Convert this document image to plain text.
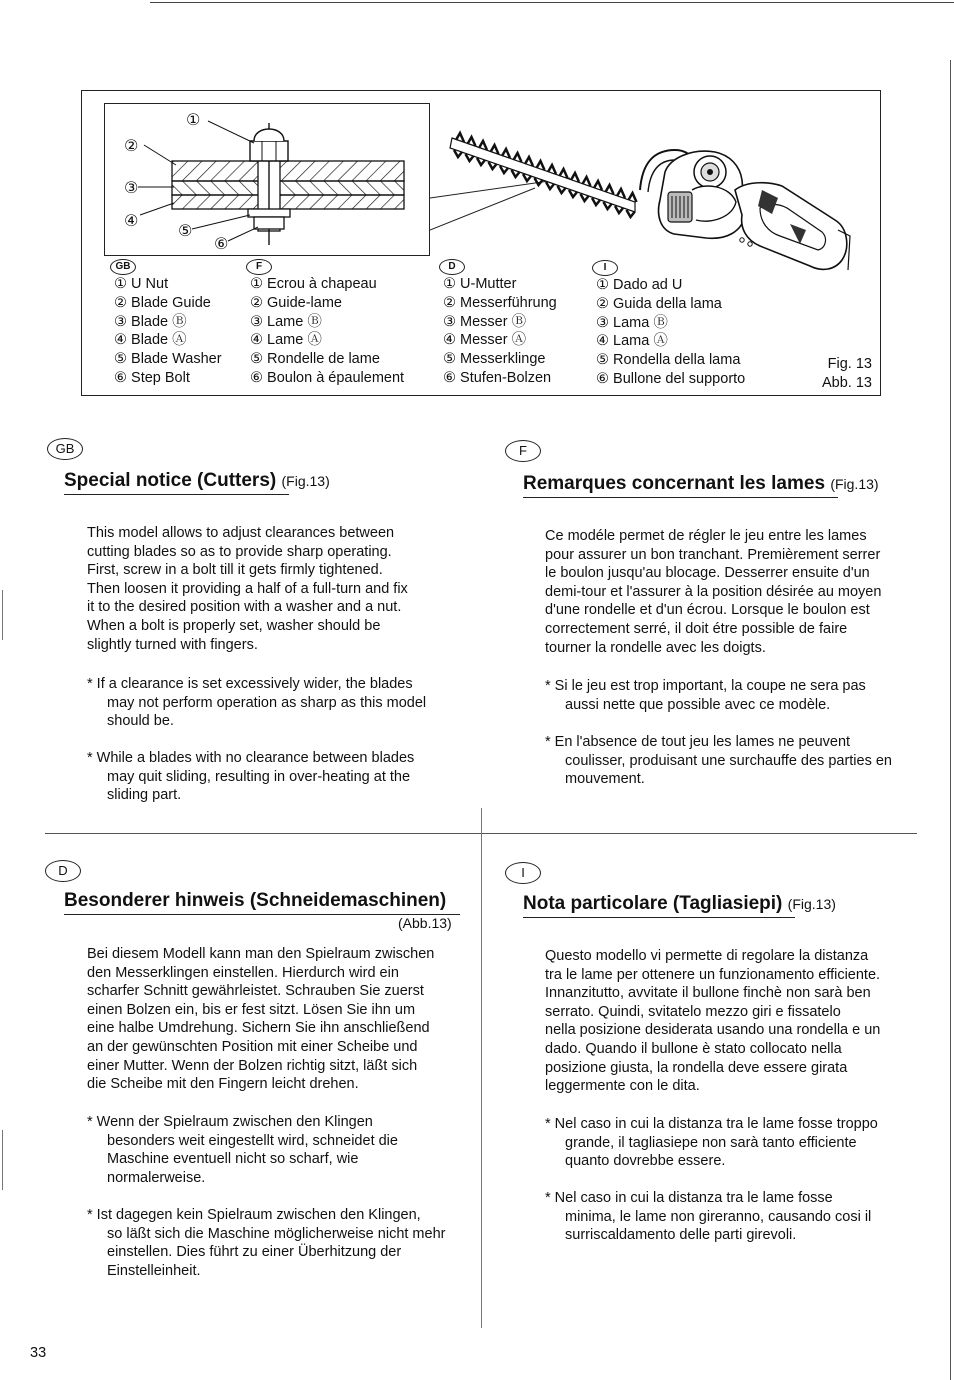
①
②
③
④
⑤
⑥
GB
① U Nut
② Blade Guide
③ Blade Ⓑ
④ Blade Ⓐ
⑤ Blade Washer
⑥ Step Bolt
F
① Ecrou à chapeau
② Guide-lame
③ Lame Ⓑ
④ Lame Ⓐ
⑤ Rondelle de lame
⑥ Boulon à épaulement
D
① U-Mutter
② Messerführung
③ Messer Ⓑ
④ Messer Ⓐ
⑤ Messerklinge
⑥ Stufen-Bolzen
I
① Dado ad U
② Guida della lama
③ Lama Ⓑ
④ Lama Ⓐ
⑤ Rondella della lama
⑥ Bullone del supporto
Fig. 13
Abb. 13
GB
Special notice (Cutters) (Fig.13)
This model allows to adjust clearances between
cutting blades so as to provide sharp operating.
First, screw in a bolt till it gets firmly tightened.
Then loosen it providing a half of a full-turn and fix
it to the desired position with a washer and a nut.
When a bolt is properly set, washer should be
slightly turned with fingers.
* If a clearance is set excessively wider, the blades
may not perform operation as sharp as this model
should be.
* While a blades with no clearance between blades
may quit sliding, resulting in over-heating at the
sliding part.
F
Remarques concernant les lames (Fig.13)
Ce modéle permet de régler le jeu entre les lames
pour assurer un bon tranchant. Premièrement serrer
le boulon jusqu'au blocage. Desserrer ensuite d'un
demi-tour et l'assurer à la position désirée au moyen
d'une rondelle et d'un écrou. Lorsque le boulon est
correctement serré, il doit étre possible de faire
tourner la rondelle avec les doigts.
* Si le jeu est trop important, la coupe ne sera pas
aussi nette que possible avec ce modèle.
* En l'absence de tout jeu les lames ne peuvent
coulisser, produisant une surchauffe des parties en
mouvement.
D
Besonderer hinweis (Schneidemaschinen)
(Abb.13)
Bei diesem Modell kann man den Spielraum zwischen
den Messerklingen einstellen. Hierdurch wird ein
scharfer Schnitt gewährleistet. Schrauben Sie zuerst
einen Bolzen ein, bis er fest sitzt. Lösen Sie ihn um
eine halbe Umdrehung. Sichern Sie ihn anschließend
an der gewünschten Position mit einer Scheibe und
einer Mutter. Wenn der Bolzen richtig sitzt, läßt sich
die Scheibe mit den Fingern leicht drehen.
* Wenn der Spielraum zwischen den Klingen
besonders weit eingestellt wird, schneidet die
Maschine eventuell nicht so scharf, wie
normalerweise.
* Ist dagegen kein Spielraum zwischen den Klingen,
so läßt sich die Maschine möglicherweise nicht mehr
einstellen. Dies führt zu einer Überhitzung der
Einstelleinheit.
I
Nota particolare (Tagliasiepi) (Fig.13)
Questo modello vi permette di regolare la distanza
tra le lame per ottenere un funzionamento efficiente.
Innanzitutto, avvitate il bullone finchè non sarà ben
serrato. Quindi, svitatelo mezzo giri e fissatelo
nella posizione desiderata usando una rondella e un
dado. Quando il bullone è stato collocato nella
posizione giusta, la rondella deve essere girata
leggermente con le dita.
* Nel caso in cui la distanza tra le lame fosse troppo
grande, il tagliasiepe non sarà tanto efficiente
quanto dovrebbe essere.
* Nel caso in cui la distanza tra le lame fosse
minima, le lame non gireranno, causando cosi il
surriscaldamento delle parti girevoli.
33
